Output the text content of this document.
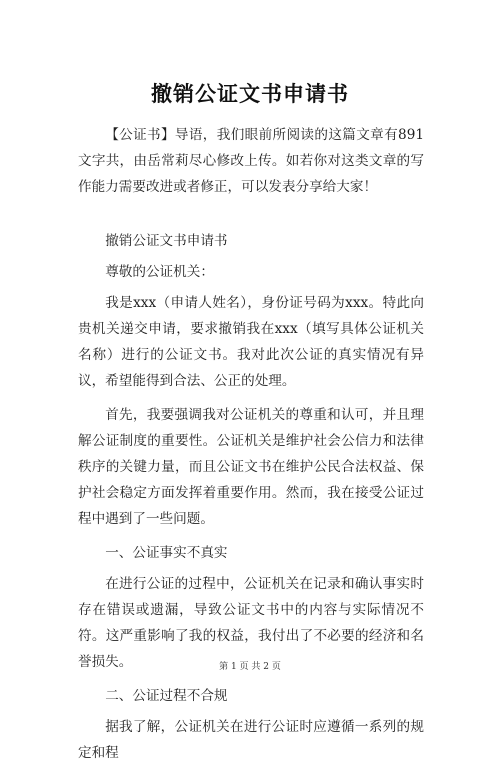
撤销公证文书申请书

【公证书】导语，我们眼前所阅读的这篇文章有891文字共，由岳常莉尽心修改上传。如若你对这类文章的写作能力需要改进或者修正，可以发表分享给大家！

撤销公证文书申请书

尊敬的公证机关：

我是xxx（申请人姓名），身份证号码为xxx。特此向贵机关递交申请，要求撤销我在xxx（填写具体公证机关名称）进行的公证文书。我对此次公证的真实情况有异议，希望能得到合法、公正的处理。

首先，我要强调我对公证机关的尊重和认可，并且理解公证制度的重要性。公证机关是维护社会公信力和法律秩序的关键力量，而且公证文书在维护公民合法权益、保护社会稳定方面发挥着重要作用。然而，我在接受公证过程中遇到了一些问题。

一、公证事实不真实

在进行公证的过程中，公证机关在记录和确认事实时存在错误或遗漏，导致公证文书中的内容与实际情况不符。这严重影响了我的权益，我付出了不必要的经济和名誉损失。

二、公证过程不合规

据我了解，公证机关在进行公证时应遵循一系列的规定和程

第 1 页 共 2 页
